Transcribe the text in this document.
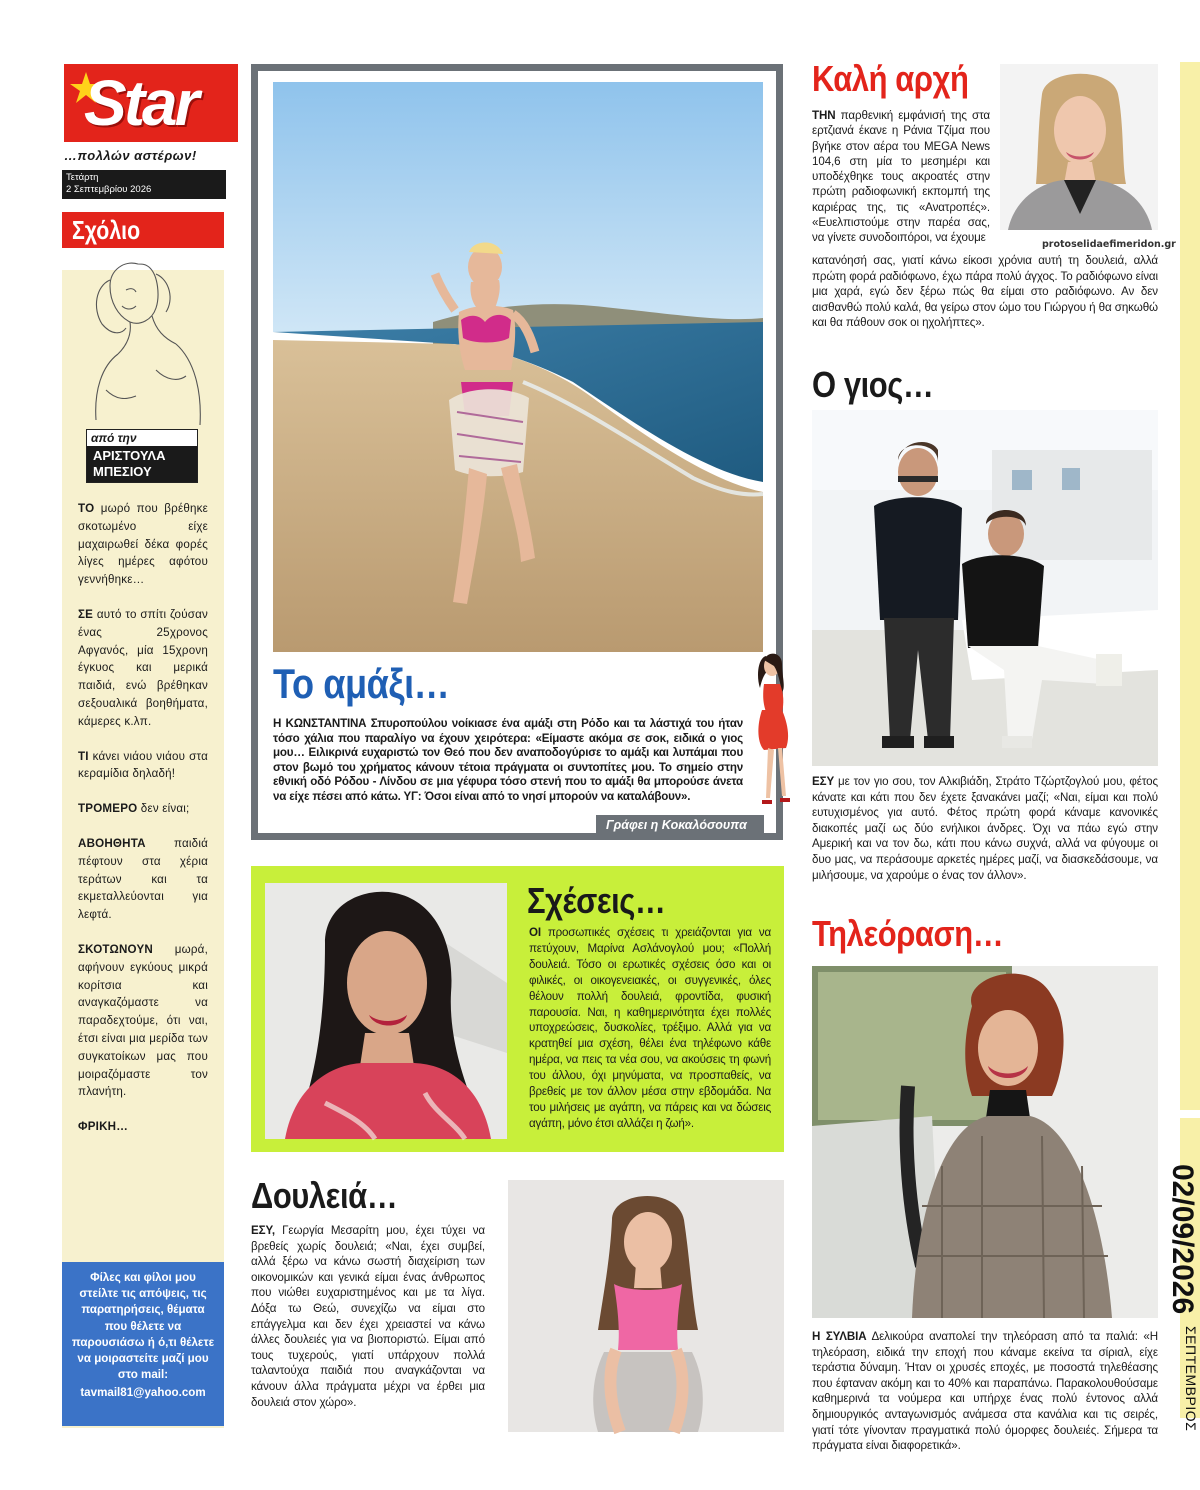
Star
…πολλών αστέρων!
Τετάρτη
2 Σεπτεμβρίου 2026
Σχόλιο
από την
ΑΡΙΣΤΟΥΛΑ ΜΠΕΣΙΟΥ

ΤΟ μωρό που βρέθηκε σκοτωμένο είχε μαχαιρωθεί δέκα φορές λίγες ημέρες αφότου γεννήθηκε…

ΣΕ αυτό το σπίτι ζούσαν ένας 25χρονος Αφγανός, μία 15χρονη έγκυος και μερικά παιδιά, ενώ βρέθηκαν σεξουαλικά βοηθήματα, κάμερες κ.λπ.

ΤΙ κάνει νιάου νιάου στα κεραμίδια δηλαδή!

ΤΡΟΜΕΡΟ δεν είναι;

ΑΒΟΗΘΗΤΑ παιδιά πέφτουν στα χέρια τεράτων και τα εκμεταλλεύονται για λεφτά.

ΣΚΟΤΩΝΟΥΝ μωρά, αφήνουν εγκύους μικρά κορίτσια και αναγκαζόμαστε να παραδεχτούμε, ότι ναι, έτσι είναι μια μερίδα των συγκατοίκων μας που μοιραζόμαστε τον πλανήτη.

ΦΡΙΚΗ…

Φίλες και φίλοι μου στείλτε τις απόψεις, τις παρατηρήσεις, θέματα που θέλετε να παρουσιάσω ή ό,τι θέλετε να μοιραστείτε μαζί μου στο mail:
tavmail81@yahoo.com
Το αμάξι…
Η ΚΩΝΣΤΑΝΤΙΝΑ Σπυροπούλου νοίκιασε ένα αμάξι στη Ρόδο και τα λάστιχά του ήταν τόσο χάλια που παραλίγο να έχουν χειρότερα: «Είμαστε ακόμα σε σοκ, ειδικά ο γιος μου… Ειλικρινά ευχαριστώ τον Θεό που δεν αναποδογύρισε το αμάξι και λυπάμαι που στον βωμό του χρήματος κάνουν τέτοια πράγματα οι συντοπίτες μου. Το σημείο στην εθνική οδό Ρόδου - Λίνδου σε μια γέφυρα τόσο στενή που το αμάξι θα μπορούσε άνετα να είχε πέσει από κάτω. ΥΓ: Όσοι είναι από το νησί μπορούν να καταλάβουν».
Γράφει η Κοκαλόσουπα
Σχέσεις…
ΟΙ προσωπικές σχέσεις τι χρειάζονται για να πετύχουν, Μαρίνα Ασλάνογλού μου; «Πολλή δουλειά. Τόσο οι ερωτικές σχέσεις όσο και οι φιλικές, οι οικογενειακές, οι συγγενικές, όλες θέλουν πολλή δουλειά, φροντίδα, φυσική παρουσία. Ναι, η καθημερινότητα έχει πολλές υποχρεώσεις, δυσκολίες, τρέξιμο. Αλλά για να κρατηθεί μια σχέση, θέλει ένα τηλέφωνο κάθε ημέρα, να πεις τα νέα σου, να ακούσεις τη φωνή του άλλου, όχι μηνύματα, να προσπαθείς, να βρεθείς με τον άλλον μέσα στην εβδομάδα. Να του μιλήσεις με αγάπη, να πάρεις και να δώσεις αγάπη, μόνο έτσι αλλάζει η ζωή».
Δουλειά…
ΕΣΥ, Γεωργία Μεσαρίτη μου, έχει τύχει να βρεθείς χωρίς δουλειά; «Ναι, έχει συμβεί, αλλά ξέρω να κάνω σωστή διαχείριση των οικονομικών και γενικά είμαι ένας άνθρωπος που νιώθει ευχαριστημένος και με τα λίγα. Δόξα τω Θεώ, συνεχίζω να είμαι στο επάγγελμα και δεν έχει χρειαστεί να κάνω άλλες δουλειές για να βιοποριστώ. Είμαι από τους τυχερούς, γιατί υπάρχουν πολλά ταλαντούχα παιδιά που αναγκάζονται να κάνουν άλλα πράγματα μέχρι να έρθει μια δουλειά στον χώρο».
Καλή αρχή
ΤΗΝ παρθενική εμφάνισή της στα ερτζιανά έκανε η Ράνια Τζίμα που βγήκε στον αέρα του MEGA News 104,6 στη μία το μεσημέρι και υποδέχθηκε τους ακροατές στην πρώτη ραδιοφωνική εκπομπή της καριέρας της, τις «Ανατροπές». «Ευελπιστούμε στην παρέα σας, να γίνετε συνοδοιπόροι, να έχουμε
protoselidaefimeridon.gr
κατανόησή σας, γιατί κάνω είκοσι χρόνια αυτή τη δουλειά, αλλά πρώτη φορά ραδιόφωνο, έχω πάρα πολύ άγχος. Το ραδιόφωνο είναι μια χαρά, εγώ δεν ξέρω πώς θα είμαι στο ραδιόφωνο. Αν δεν αισθανθώ πολύ καλά, θα γείρω στον ώμο του Γιώργου ή θα σηκωθώ και θα πάθουν σοκ οι ηχολήπτες».
Ο γιος…
ΕΣΥ με τον γιο σου, τον Αλκιβιάδη, Στράτο Τζώρτζογλού μου, φέτος κάνατε και κάτι που δεν έχετε ξανακάνει μαζί; «Ναι, είμαι και πολύ ευτυχισμένος για αυτό. Φέτος πρώτη φορά κάναμε κανονικές διακοπές μαζί ως δύο ενήλικοι άνδρες. Όχι να πάω εγώ στην Αμερική και να τον δω, κάτι που κάνω συχνά, αλλά να φύγουμε οι δυο μας, να περάσουμε αρκετές ημέρες μαζί, να διασκεδάσουμε, να μιλήσουμε, να χαρούμε ο ένας τον άλλον».
Τηλεόραση…
Η ΣΥΛΒΙΑ Δελικούρα αναπολεί την τηλεόραση από τα παλιά: «Η τηλεόραση, ειδικά την εποχή που κάναμε εκείνα τα σίριαλ, είχε τεράστια δύναμη. Ήταν οι χρυσές εποχές, με ποσοστά τηλεθέασης που έφταναν ακόμη και το 40% και παραπάνω. Παρακολουθούσαμε καθημερινά τα νούμερα και υπήρχε ένας πολύ έντονος αλλά δημιουργικός ανταγωνισμός ανάμεσα στα κανάλια και τις σειρές, γιατί τότε γίνονταν πραγματικά πολύ όμορφες δουλειές. Σήμερα τα πράγματα είναι διαφορετικά».
02/09/2026
ΣΕΠΤΕΜΒΡΙΟΣ
